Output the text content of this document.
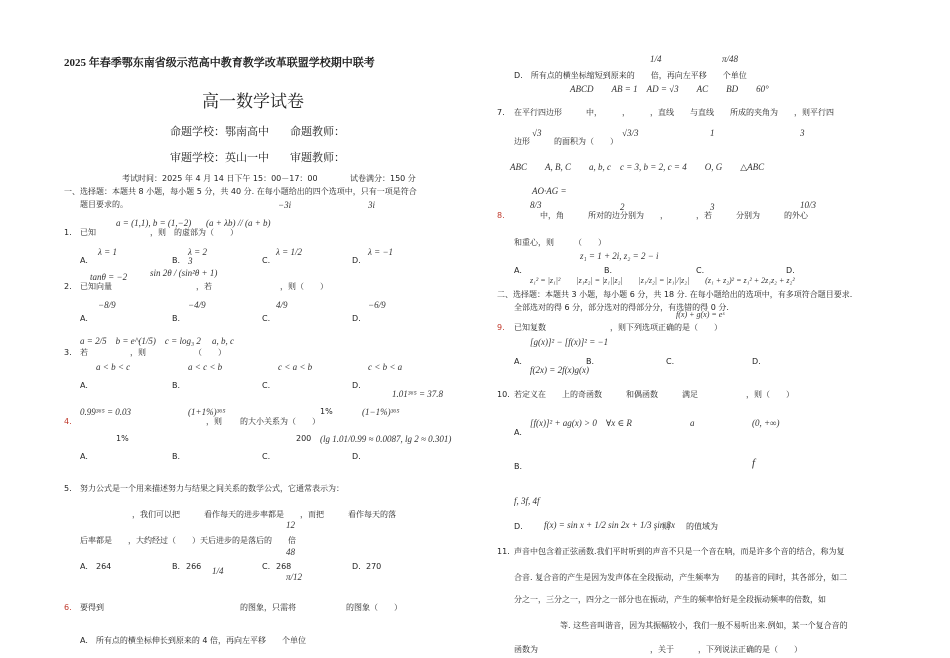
2025 年春季鄂东南省级示范高中教育教学改革联盟学校期中联考
高一数学试卷
命题学校：鄂南高中 命题教师：
审题学校：英山一中 审题教师：
考试时间：2025 年 4 月 14 日下午 15：00－17：00	试卷满分：150 分
一、选择题：本题共 8 小题，每小题 5 分，共 40 分. 在每小题给出的四个选项中，只有一项是符合
题目要求的。	−3i	3i
1. 已知
a = (1,1), b = (1,−2) (a + λb) // (a + b)
，则 的虚部为（　　）
A.
λ = 1
B.
λ = 2
3	C.
λ = 1/2
D.
λ = −1
tanθ = −2	sin 2θ / (sin²θ + 1)
2. 已知向量	，若	，则（　　）
A.
−8/9
B.
−4/9
C.
4/9
D.
−6/9
a = 2/5　b = e^(1/5)　c = log₃ 2 a, b, c
3. 若	，则	（　　）
a < b < c	a < c < b	c < a < b	c < b < a
A.	B.	C.	D.
1.01³⁶⁵ = 37.8
0.99³⁶⁵ = 0.03	(1+1%)³⁶⁵	1%	(1−1%)³⁶⁵
4.	，则 的大小关系为（　　）
1%	200 (lg 1.01/0.99 ≈ 0.0087, lg 2 ≈ 0.301)
A.	B.	C.	D.
5. 努力公式是一个用来描述努力与结果之间关系的数学公式，它通常表示为：
，我们可以把　　　看作每天的进步率都是　　，而把　　　看作每天的落
12
后率都是　　，大约经过（　　）天后进步的是落后的　　倍
48
A. 264	B. 266 1/4	C. 268
π/12
D. 270
6. 要得到	的图象，只需将	的图象（　　）
A.　所有点的横坐标伸长到原来的 4 倍，再向左平移　　个单位
1/4	π/48
D.　所有点的横坐标缩短到原来的　　倍，再向左平移　　个单位
ABCD　　AB = 1　AD = √3　　AC　　BD　　60°
7. 在平行四边形　　　中，　　　，　　　，直线　　与直线　　所成的夹角为　　，则平行四
边形　　　的面积为（　　）
√3	√3/3	1	3
ABC　　A, B, C　　a, b, c　c = 3, b = 2, c = 4　　O, G　　△ABC
8.
8/3
中，角　　　所对的边分别为　　，　　　　，若　　　分别为　　　的外心
AO·AG =
2	3	10/3
和重心，则　　　（　　）
z₁ = 1 + 2i, z₂ = 2 − i
A.	B.	C.	D.
z₁² = |z₁|²　　|z₁z₂| = |z₁||z₂|　　|z₁/z₂| = |z₁|/|z₂|　　(z₁ + z₂)² = z₁² + 2z₁z₂ + z₂²
二、选择题：本题共 3 小题，每小题 6 分，共 18 分. 在每小题给出的选项中，有多项符合题目要求.
全部选对的得 6 分，部分选对的得部分分，有选错的得 0 分.
9. 已知复数　　　　　　　　，则下列选项正确的是（　　）
[g(x)]² − [f(x)]² = −1
f(x) + g(x) = eˣ
A.	B.	C.	D.
f(2x) = 2f(x)g(x)
10. 若定义在　　上的奇函数　　　和偶函数　　　满足　　　　　　，则（　　）
A.
[f(x)]² + ag(x) > 0　∀x ∈ R	a	(0, +∞)
B.	f
f, 3f, 4f
D. f(x) = sin x + 1/2 sin 2x + 1/3 sin 3x
，则　　的值域为
11. 声音中包含着正弦函数.我们平时听到的声音不只是一个音在响，而是许多个音的结合，称为复
合音. 复合音的产生是因为发声体在全段振动，产生频率为　　的基音的同时，其各部分，如二
分之一，三分之一，四分之一部分也在振动，产生的频率恰好是全段振动频率的倍数，如
等. 这些音叫谐音，因为其振幅较小，我们一般不易听出来.例如，某一个复合音的
函数为　　　　　　　　　　　　　　，关于　　　，下列说法正确的是（　　）
